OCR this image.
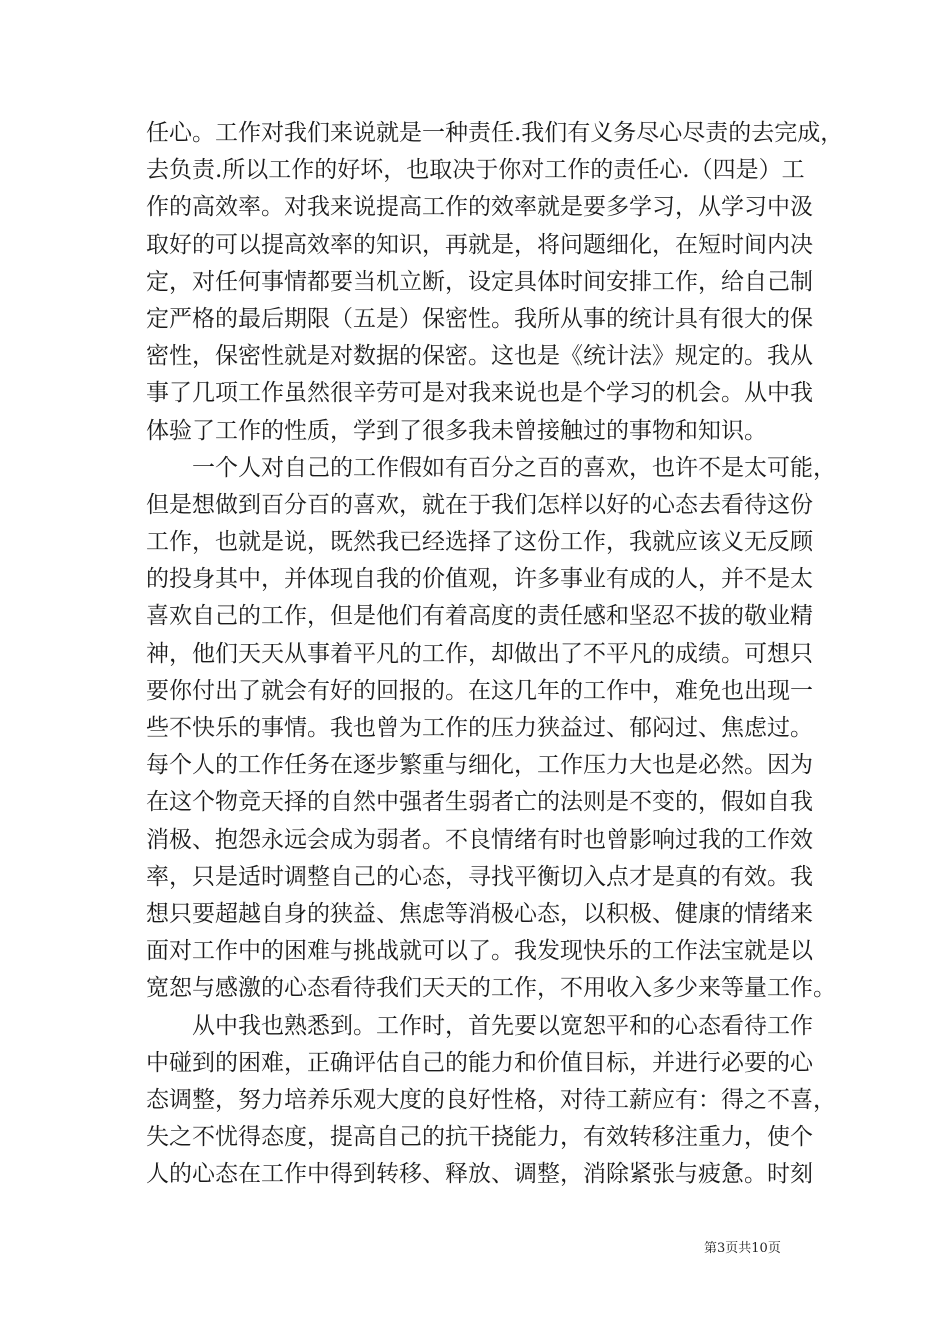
任心。工作对我们来说就是一种责任.我们有义务尽心尽责的去完成，
去负责.所以工作的好坏，也取决于你对工作的责任心.（四是）工
作的高效率。对我来说提高工作的效率就是要多学习，从学习中汲
取好的可以提高效率的知识，再就是，将问题细化，在短时间内决
定，对任何事情都要当机立断，设定具体时间安排工作，给自己制
定严格的最后期限（五是）保密性。我所从事的统计具有很大的保
密性，保密性就是对数据的保密。这也是《统计法》规定的。我从
事了几项工作虽然很辛劳可是对我来说也是个学习的机会。从中我
体验了工作的性质，学到了很多我未曾接触过的事物和知识。
　　一个人对自己的工作假如有百分之百的喜欢，也许不是太可能，
但是想做到百分百的喜欢，就在于我们怎样以好的心态去看待这份
工作，也就是说，既然我已经选择了这份工作，我就应该义无反顾
的投身其中，并体现自我的价值观，许多事业有成的人，并不是太
喜欢自己的工作，但是他们有着高度的责任感和坚忍不拔的敬业精
神，他们天天从事着平凡的工作，却做出了不平凡的成绩。可想只
要你付出了就会有好的回报的。在这几年的工作中，难免也出现一
些不快乐的事情。我也曾为工作的压力狭益过、郁闷过、焦虑过。
每个人的工作任务在逐步繁重与细化，工作压力大也是必然。因为
在这个物竞天择的自然中强者生弱者亡的法则是不变的，假如自我
消极、抱怨永远会成为弱者。不良情绪有时也曾影响过我的工作效
率，只是适时调整自己的心态，寻找平衡切入点才是真的有效。我
想只要超越自身的狭益、焦虑等消极心态，以积极、健康的情绪来
面对工作中的困难与挑战就可以了。我发现快乐的工作法宝就是以
宽恕与感激的心态看待我们天天的工作，不用收入多少来等量工作。
　　从中我也熟悉到。工作时，首先要以宽恕平和的心态看待工作
中碰到的困难，正确评估自己的能力和价值目标，并进行必要的心
态调整，努力培养乐观大度的良好性格，对待工薪应有：得之不喜，
失之不忧得态度，提高自己的抗干挠能力，有效转移注重力，使个
人的心态在工作中得到转移、释放、调整，消除紧张与疲惫。时刻
第3页共10页
